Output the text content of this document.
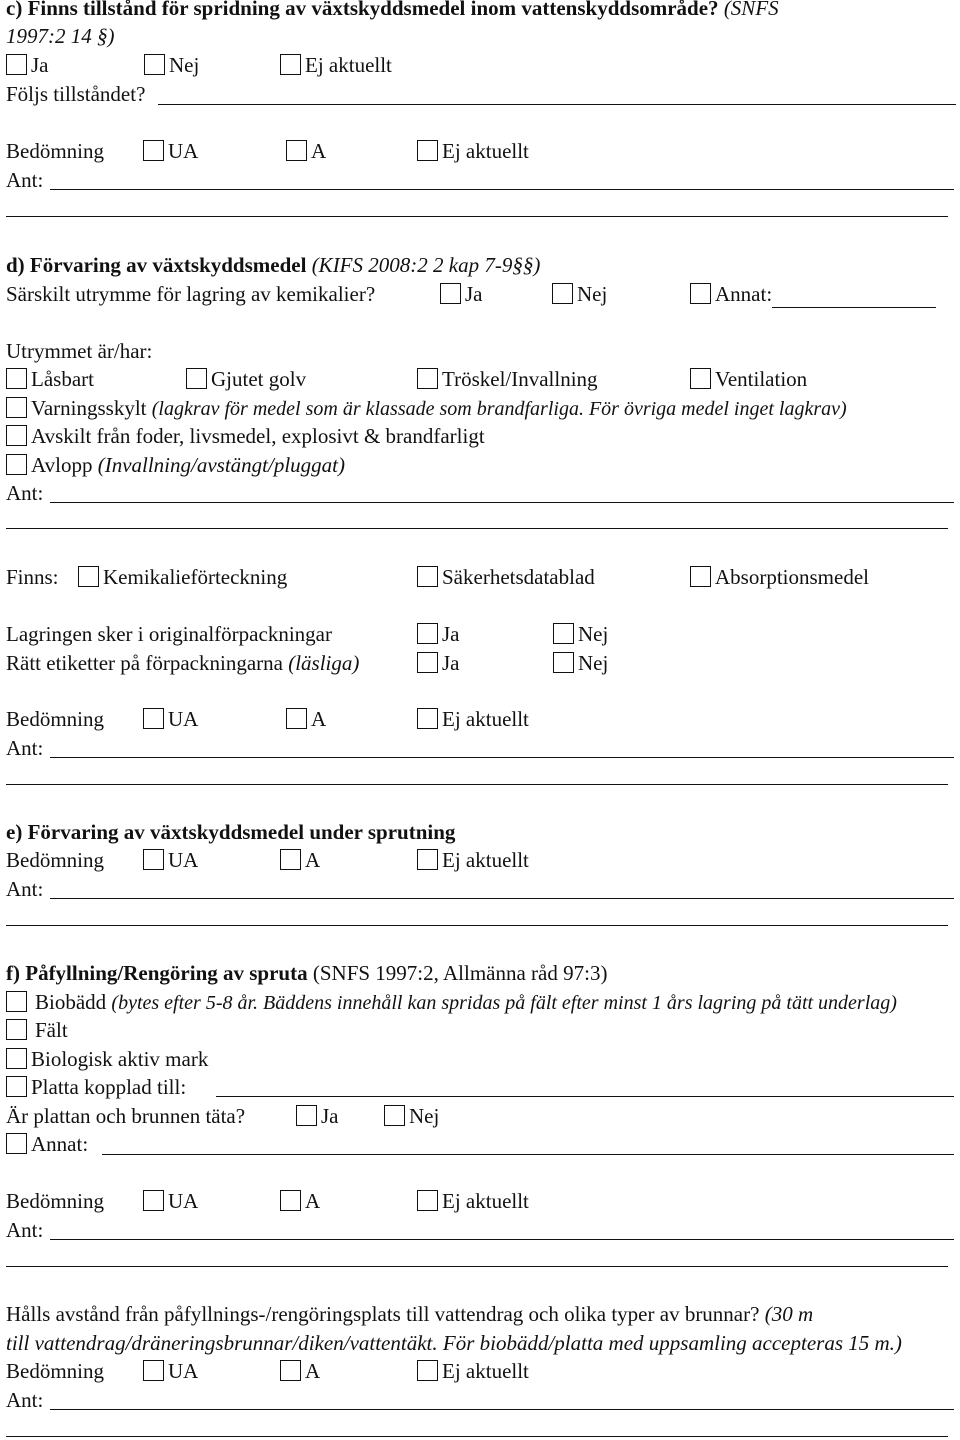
c) Finns tillstånd för spridning av växtskyddsmedel inom vattenskyddsområde? (SNFS
1997:2 14 §)
Ja	Nej	Ej aktuellt
Följs tillståndet?
Bedömning	UA	A	Ej aktuellt
Ant:
d) Förvaring av växtskyddsmedel (KIFS 2008:2 2 kap 7-9§§)
Särskilt utrymme för lagring av kemikalier?	Ja	Nej	Annat:
Utrymmet är/har:
Låsbart	Gjutet golv	Tröskel/Invallning	Ventilation
Varningsskylt (lagkrav för medel som är klassade som brandfarliga. För övriga medel inget lagkrav)
Avskilt från foder, livsmedel, explosivt & brandfarligt
Avlopp (Invallning/avstängt/pluggat)
Ant:
Finns:	Kemikalieförteckning	Säkerhetsdatablad	Absorptionsmedel
Lagringen sker i originalförpackningar	Ja	Nej
Rätt etiketter på förpackningarna (läsliga)	Ja	Nej
Bedömning	UA	A	Ej aktuellt
Ant:
e) Förvaring av växtskyddsmedel under sprutning
Bedömning	UA	A	Ej aktuellt
Ant:
f) Påfyllning/Rengöring av spruta (SNFS 1997:2, Allmänna råd 97:3)
Biobädd (bytes efter 5-8 år. Bäddens innehåll kan spridas på fält efter minst 1 års lagring på tätt underlag)
Fält
Biologisk aktiv mark
Platta kopplad till:
Är plattan och brunnen täta?	Ja	Nej
Annat:
Bedömning	UA	A	Ej aktuellt
Ant:
Hålls avstånd från påfyllnings-/rengöringsplats till vattendrag och olika typer av brunnar? (30 m
till vattendrag/dräneringsbrunnar/diken/vattentäkt. För biobädd/platta med uppsamling accepteras 15 m.)
Bedömning	UA	A	Ej aktuellt
Ant:
